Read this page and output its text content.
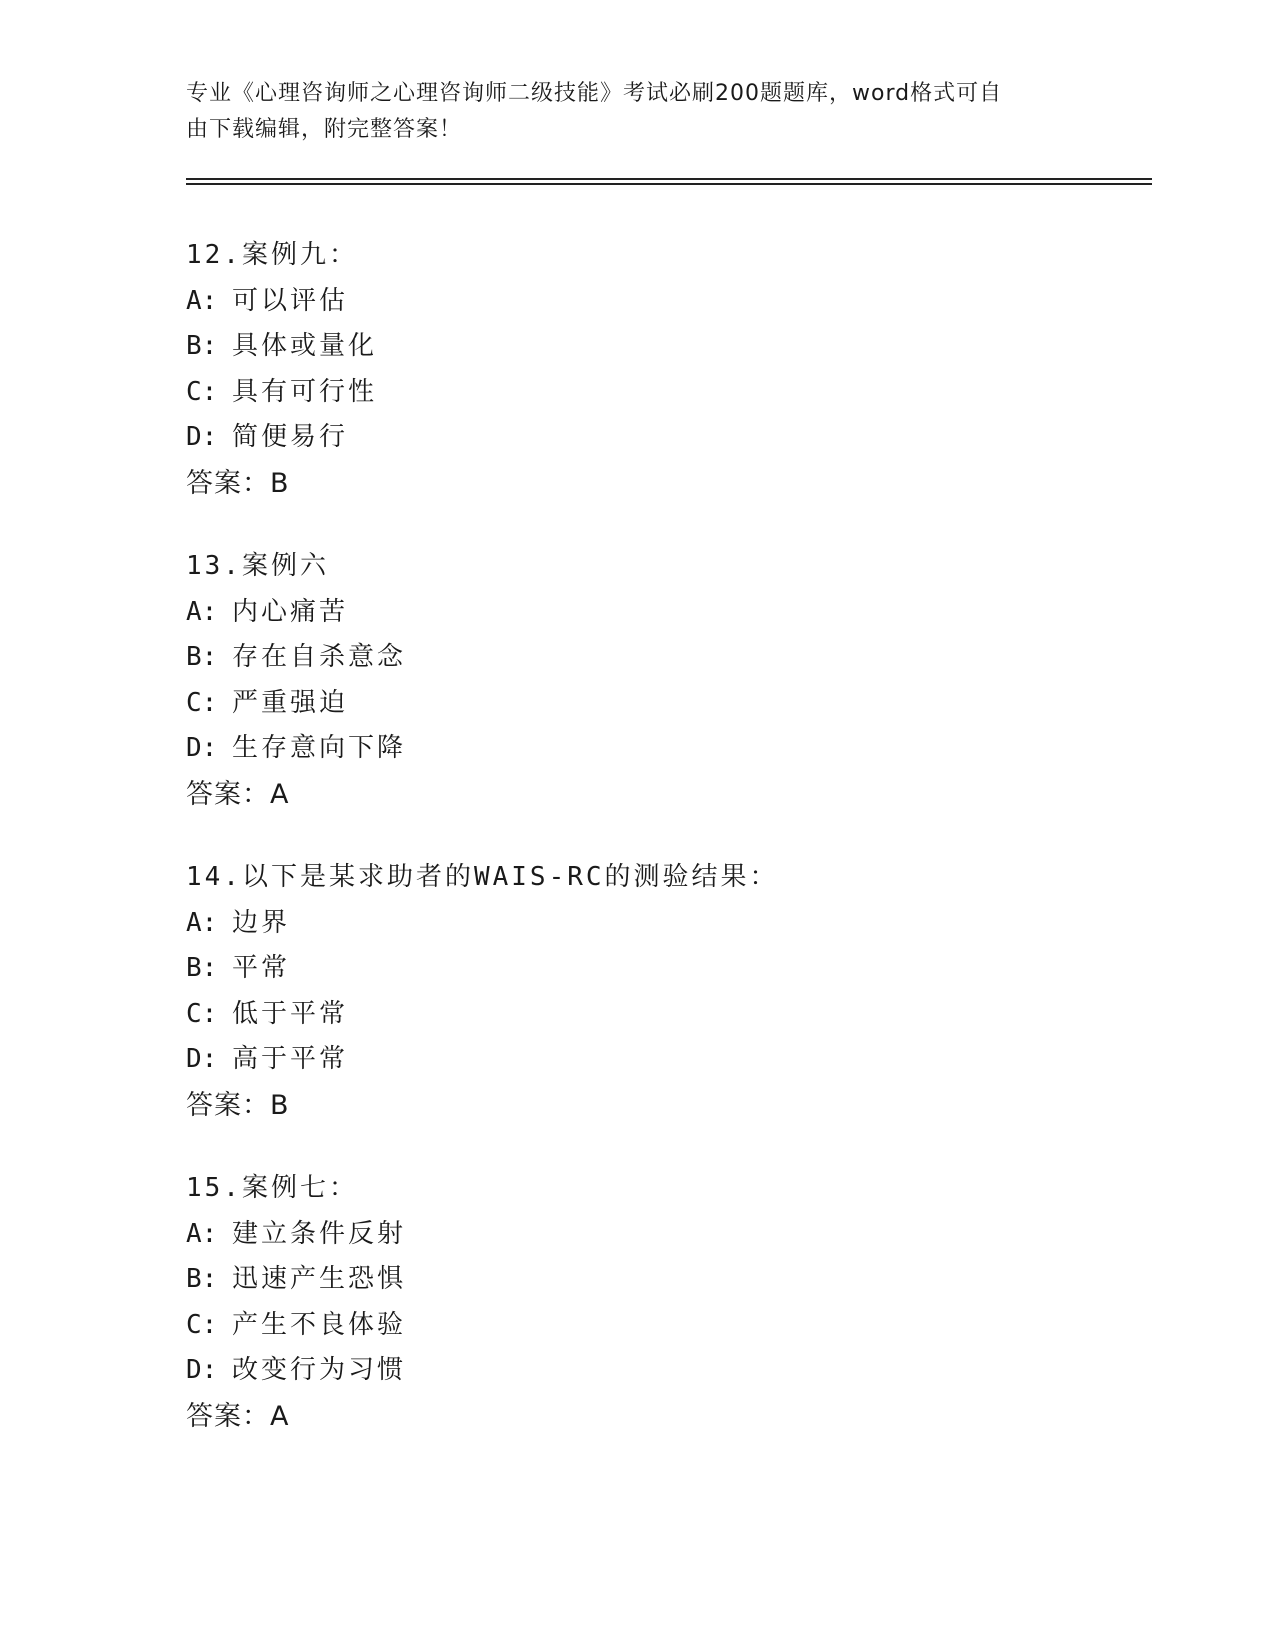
专业《心理咨询师之心理咨询师二级技能》考试必刷200题题库，word格式可自
由下载编辑，附完整答案！
12.案例九：
A: 可以评估
B: 具体或量化
C: 具有可行性
D: 简便易行
答案：B
13.案例六
A: 内心痛苦
B: 存在自杀意念
C: 严重强迫
D: 生存意向下降
答案：A
14.以下是某求助者的WAIS-RC的测验结果：
A: 边界
B: 平常
C: 低于平常
D: 高于平常
答案：B
15.案例七：
A: 建立条件反射
B: 迅速产生恐惧
C: 产生不良体验
D: 改变行为习惯
答案：A
